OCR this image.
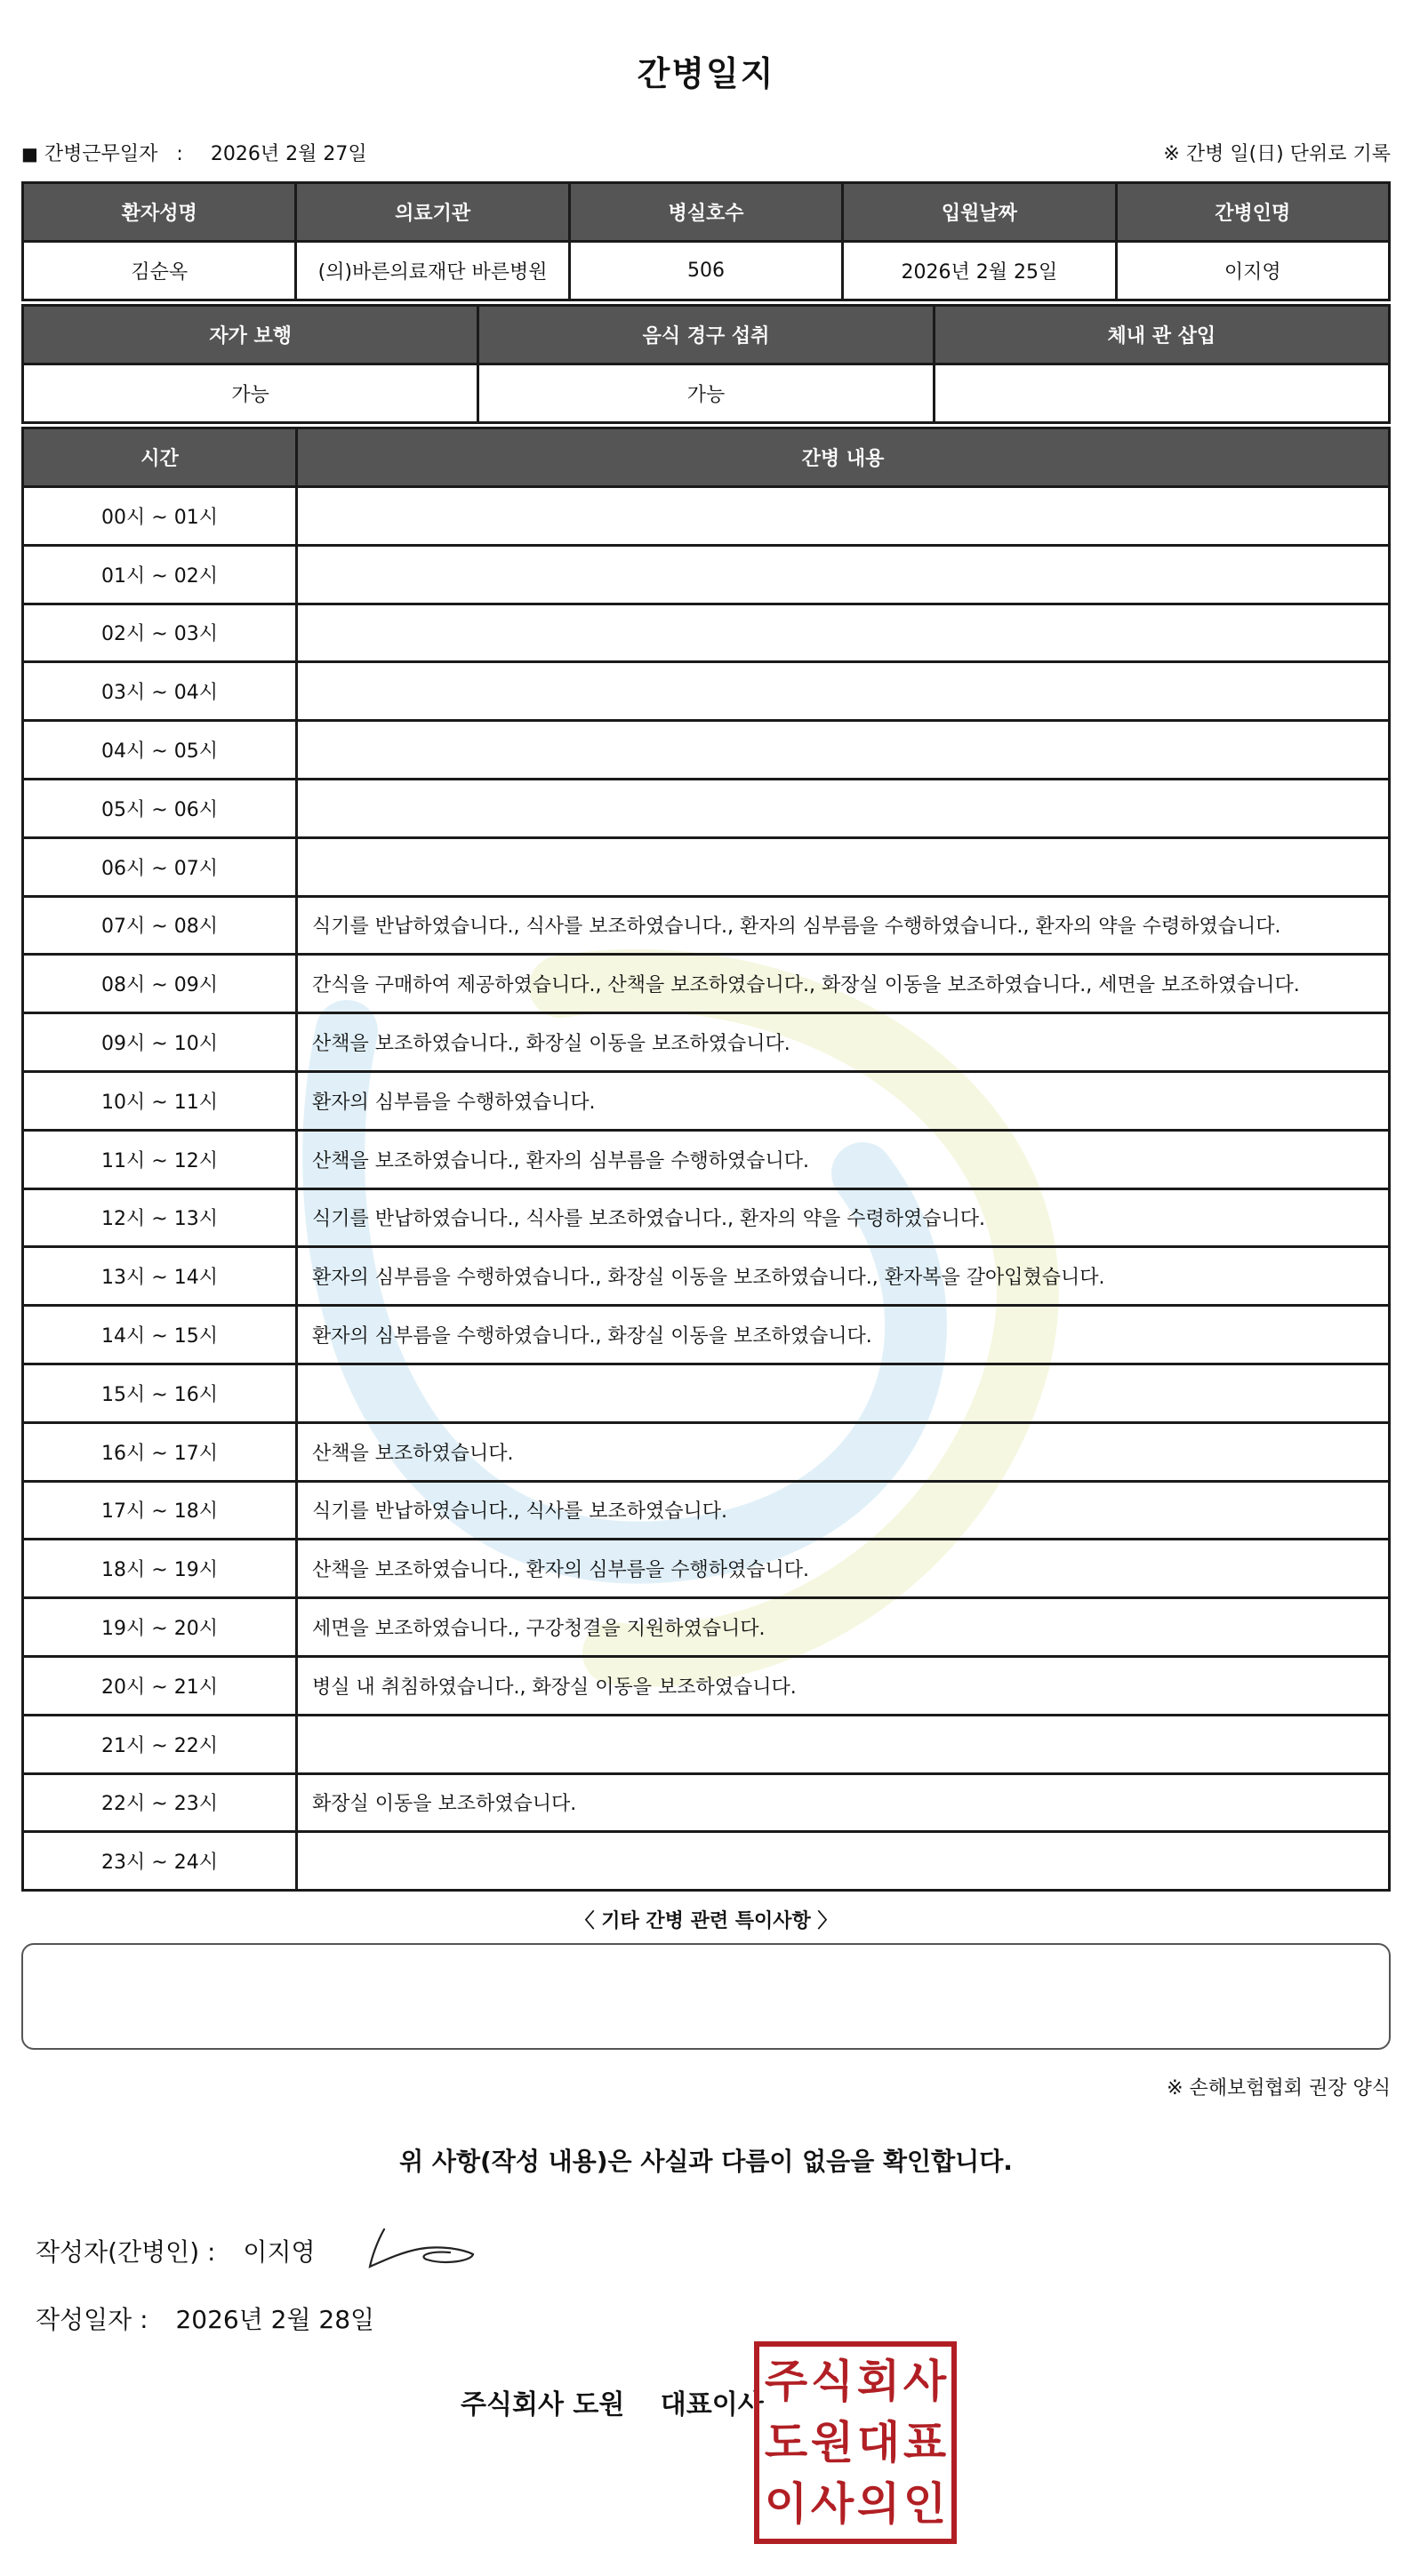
간병일지
■ 간병근무일자 : 2026년 2월 27일	※ 간병 일(日) 단위로 기록
환자성명	의료기관	병실호수	입원날짜	간병인명
김순옥	(의)바른의료재단 바른병원	506	2026년 2월 25일	이지영
자가 보행	음식 경구 섭취	체내 관 삽입
가능	가능	
시간	간병 내용
00시 ~ 01시	
01시 ~ 02시	
02시 ~ 03시	
03시 ~ 04시	
04시 ~ 05시	
05시 ~ 06시	
06시 ~ 07시	
07시 ~ 08시	식기를 반납하였습니다., 식사를 보조하였습니다., 환자의 심부름을 수행하였습니다., 환자의 약을 수령하였습니다.
08시 ~ 09시	간식을 구매하여 제공하였습니다., 산책을 보조하였습니다., 화장실 이동을 보조하였습니다., 세면을 보조하였습니다.
09시 ~ 10시	산책을 보조하였습니다., 화장실 이동을 보조하였습니다.
10시 ~ 11시	환자의 심부름을 수행하였습니다.
11시 ~ 12시	산책을 보조하였습니다., 환자의 심부름을 수행하였습니다.
12시 ~ 13시	식기를 반납하였습니다., 식사를 보조하였습니다., 환자의 약을 수령하였습니다.
13시 ~ 14시	환자의 심부름을 수행하였습니다., 화장실 이동을 보조하였습니다., 환자복을 갈아입혔습니다.
14시 ~ 15시	환자의 심부름을 수행하였습니다., 화장실 이동을 보조하였습니다.
15시 ~ 16시	
16시 ~ 17시	산책을 보조하였습니다.
17시 ~ 18시	식기를 반납하였습니다., 식사를 보조하였습니다.
18시 ~ 19시	산책을 보조하였습니다., 환자의 심부름을 수행하였습니다.
19시 ~ 20시	세면을 보조하였습니다., 구강청결을 지원하였습니다.
20시 ~ 21시	병실 내 취침하였습니다., 화장실 이동을 보조하였습니다.
21시 ~ 22시	
22시 ~ 23시	화장실 이동을 보조하였습니다.
23시 ~ 24시	
〈 기타 간병 관련 특이사항 〉
※ 손해보험협회 권장 양식
위 사항(작성 내용)은 사실과 다름이 없음을 확인합니다.
작성자(간병인) : 이지영
작성일자 : 2026년 2월 28일
주식회사 도원 대표이사 주 식 회 사
도 원 대 표
이 사 의 인
